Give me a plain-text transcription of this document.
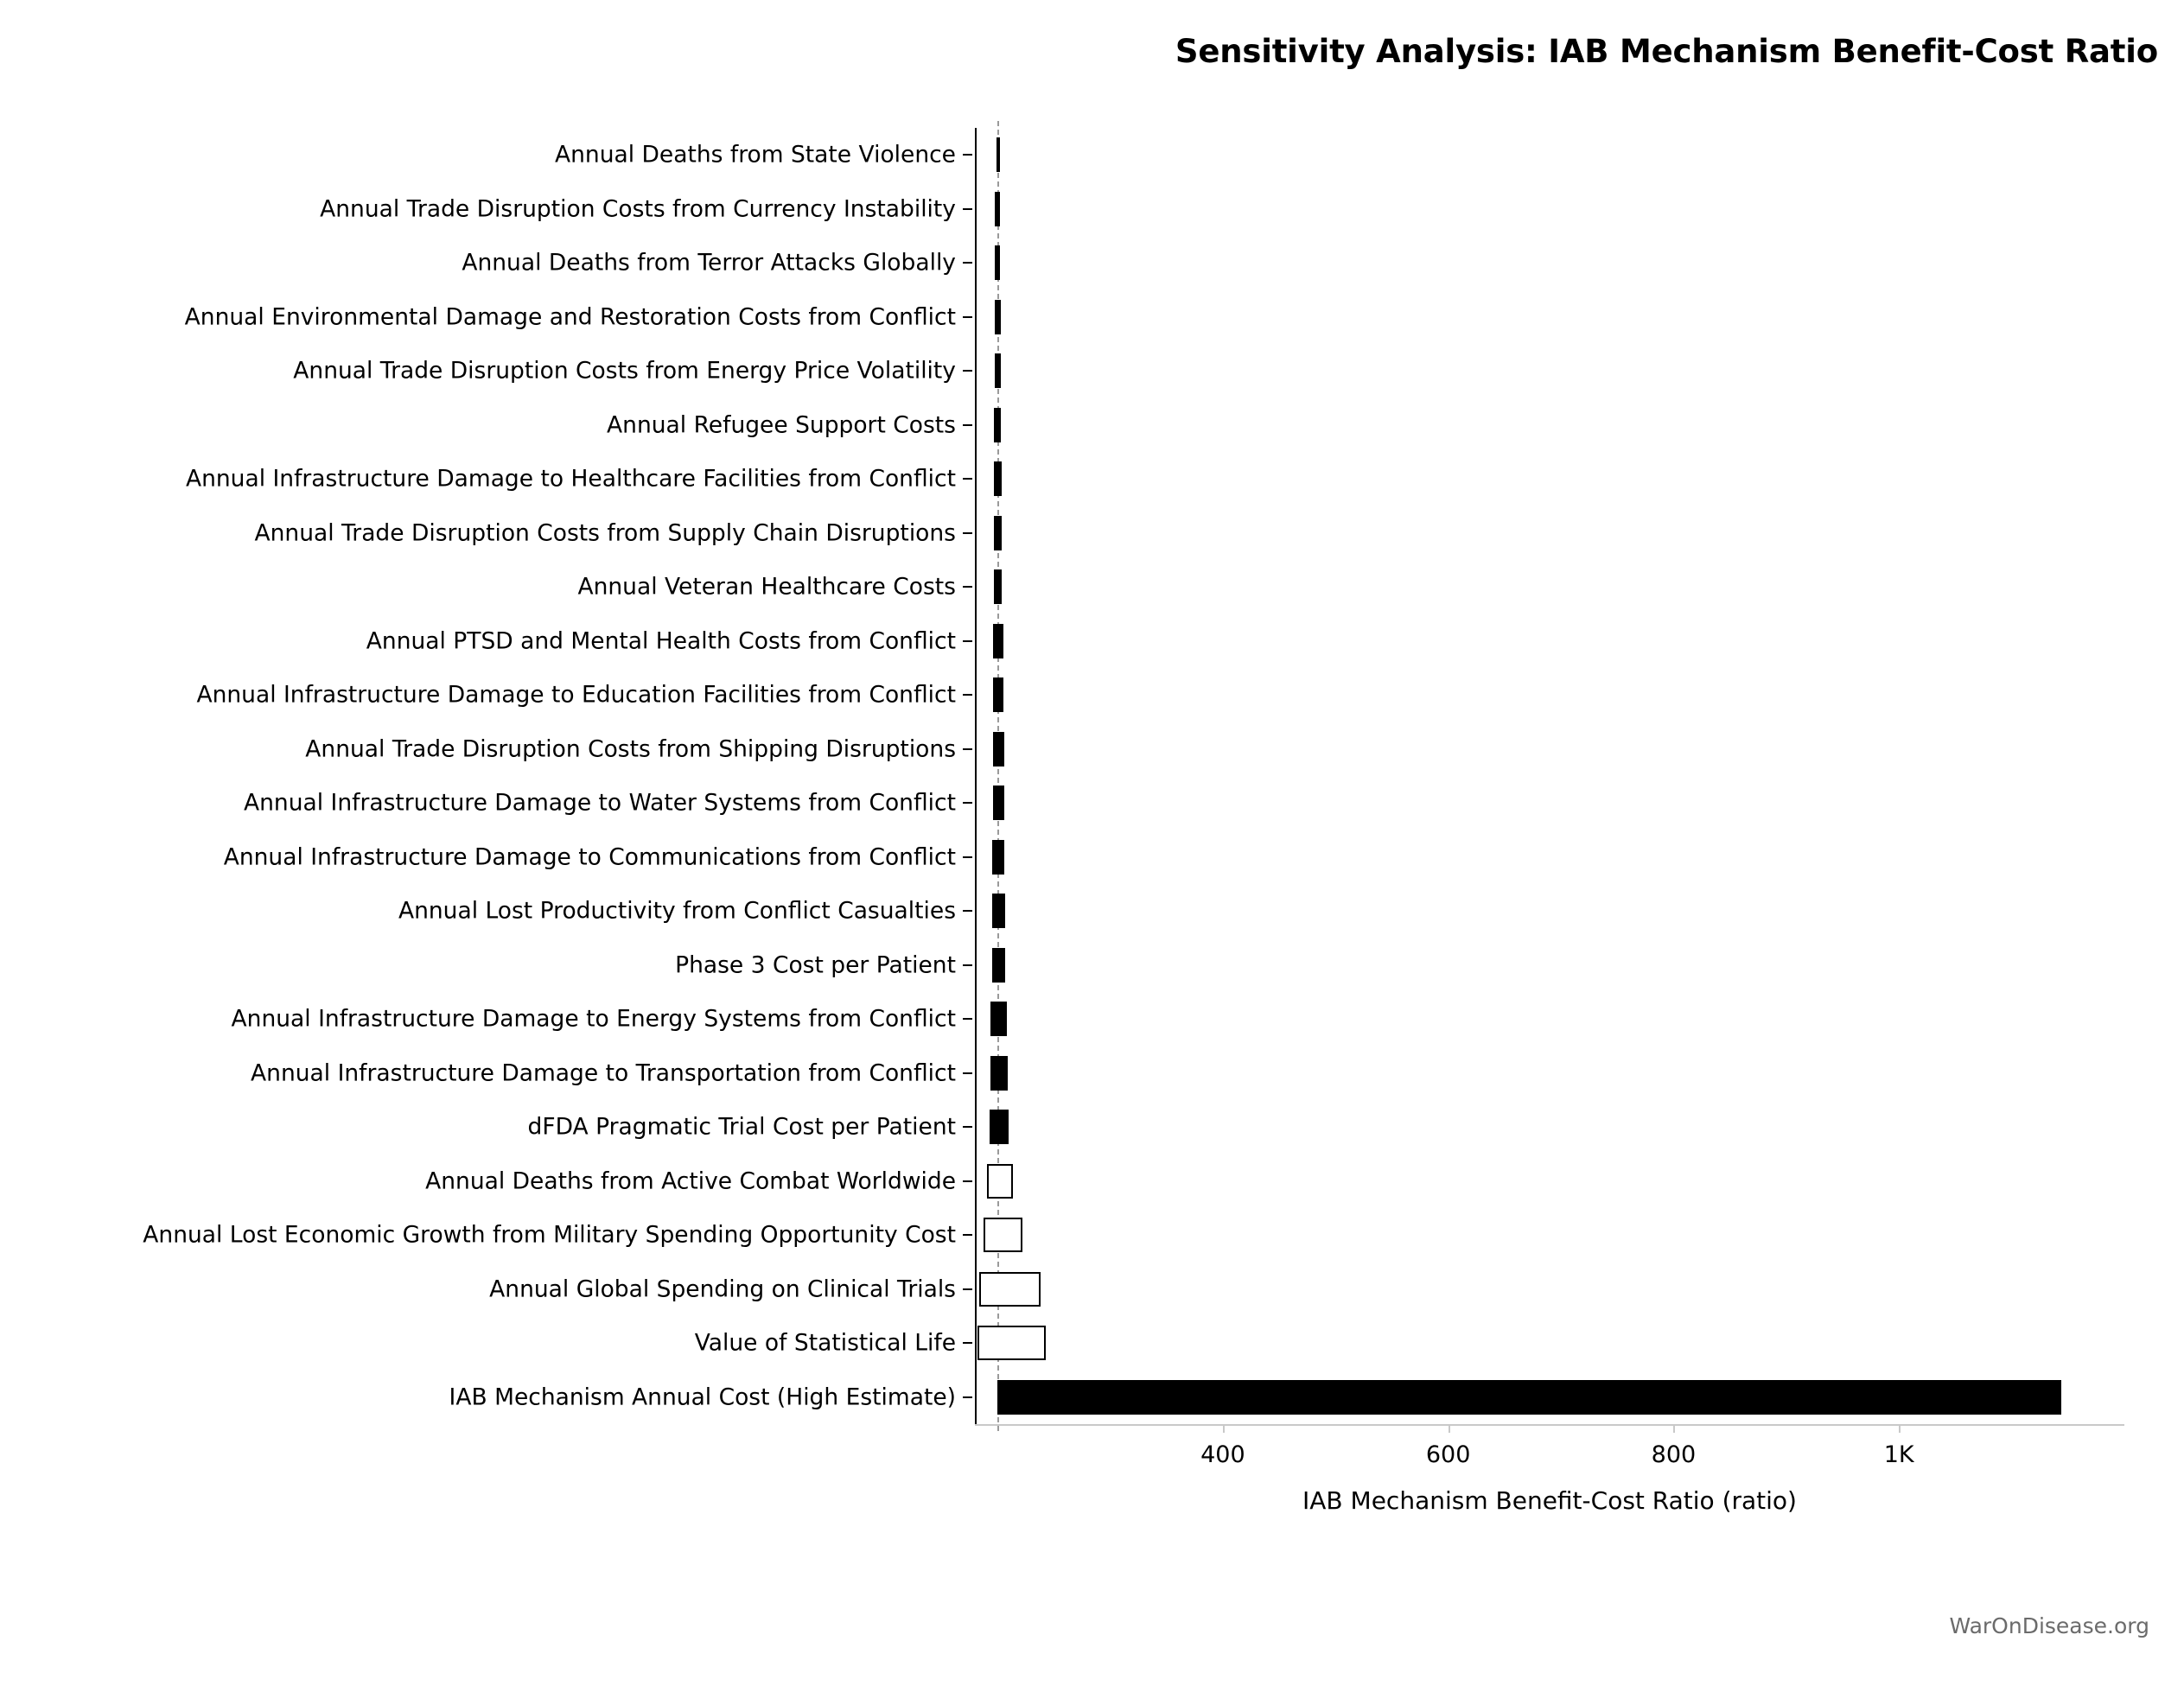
Sensitivity Analysis: IAB Mechanism Benefit-Cost Ratio
Annual Deaths from State Violence
Annual Trade Disruption Costs from Currency Instability
Annual Deaths from Terror Attacks Globally
Annual Environmental Damage and Restoration Costs from Conflict
Annual Trade Disruption Costs from Energy Price Volatility
Annual Refugee Support Costs
Annual Infrastructure Damage to Healthcare Facilities from Conflict
Annual Trade Disruption Costs from Supply Chain Disruptions
Annual Veteran Healthcare Costs
Annual PTSD and Mental Health Costs from Conflict
Annual Infrastructure Damage to Education Facilities from Conflict
Annual Trade Disruption Costs from Shipping Disruptions
Annual Infrastructure Damage to Water Systems from Conflict
Annual Infrastructure Damage to Communications from Conflict
Annual Lost Productivity from Conflict Casualties
Phase 3 Cost per Patient
Annual Infrastructure Damage to Energy Systems from Conflict
Annual Infrastructure Damage to Transportation from Conflict
dFDA Pragmatic Trial Cost per Patient
Annual Deaths from Active Combat Worldwide
Annual Lost Economic Growth from Military Spending Opportunity Cost
Annual Global Spending on Clinical Trials
Value of Statistical Life
IAB Mechanism Annual Cost (High Estimate)
400	600	800	1K
IAB Mechanism Benefit-Cost Ratio (ratio)
WarOnDisease.org
